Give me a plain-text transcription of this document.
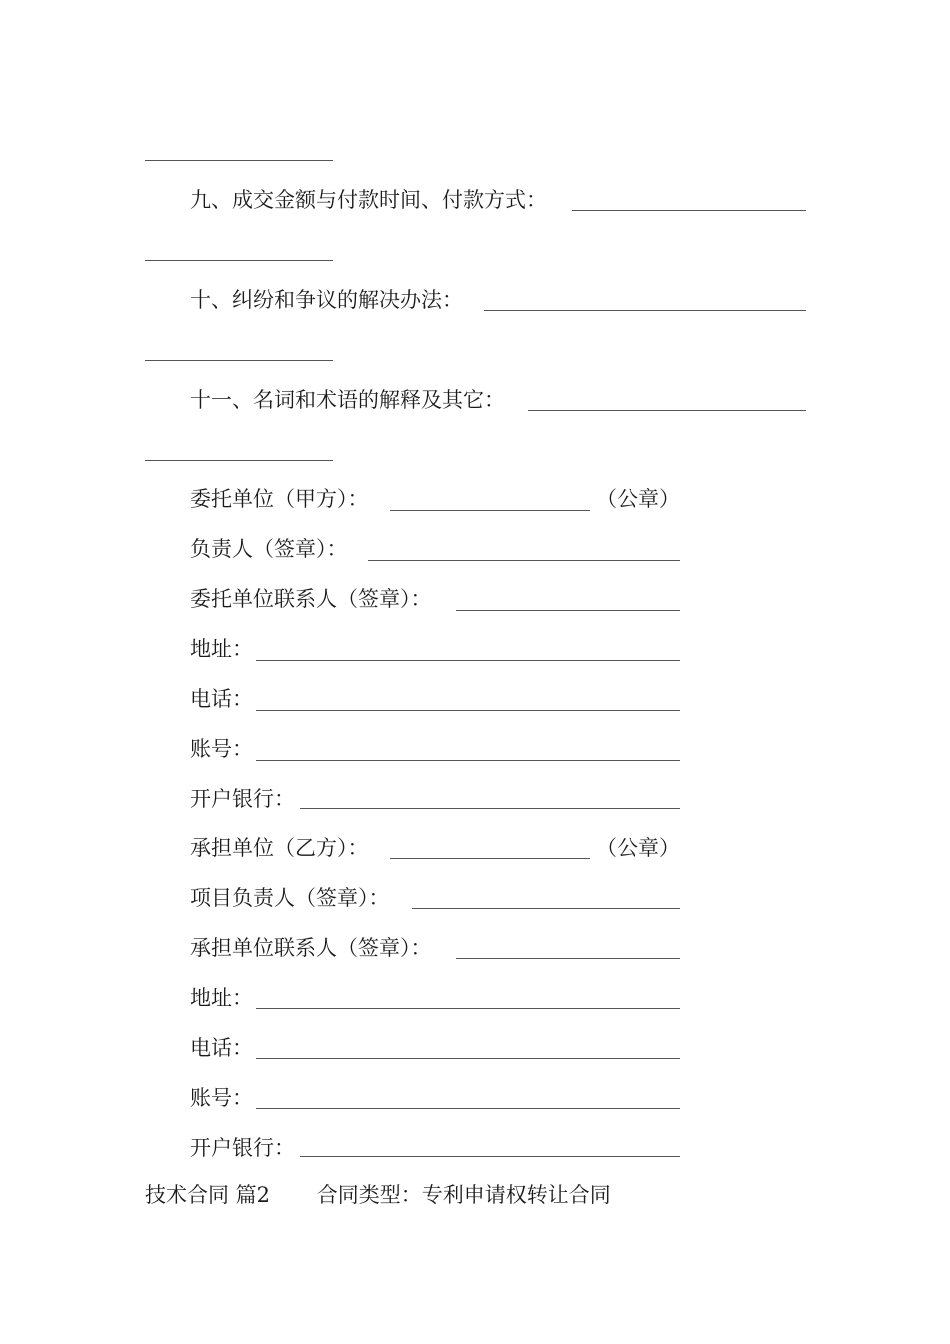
九、成交金额与付款时间、付款方式：
十、纠纷和争议的解决办法：
十一、名词和术语的解释及其它：
委托单位（甲方）：	（公章）
负责人（签章）：
委托单位联系人（签章）：
地址：
电话：
账号：
开户银行：
承担单位（乙方）：	（公章）
项目负责人（签章）：
承担单位联系人（签章）：
地址：
电话：
账号：
开户银行：
技术合同 篇2 合同类型：专利申请权转让合同
